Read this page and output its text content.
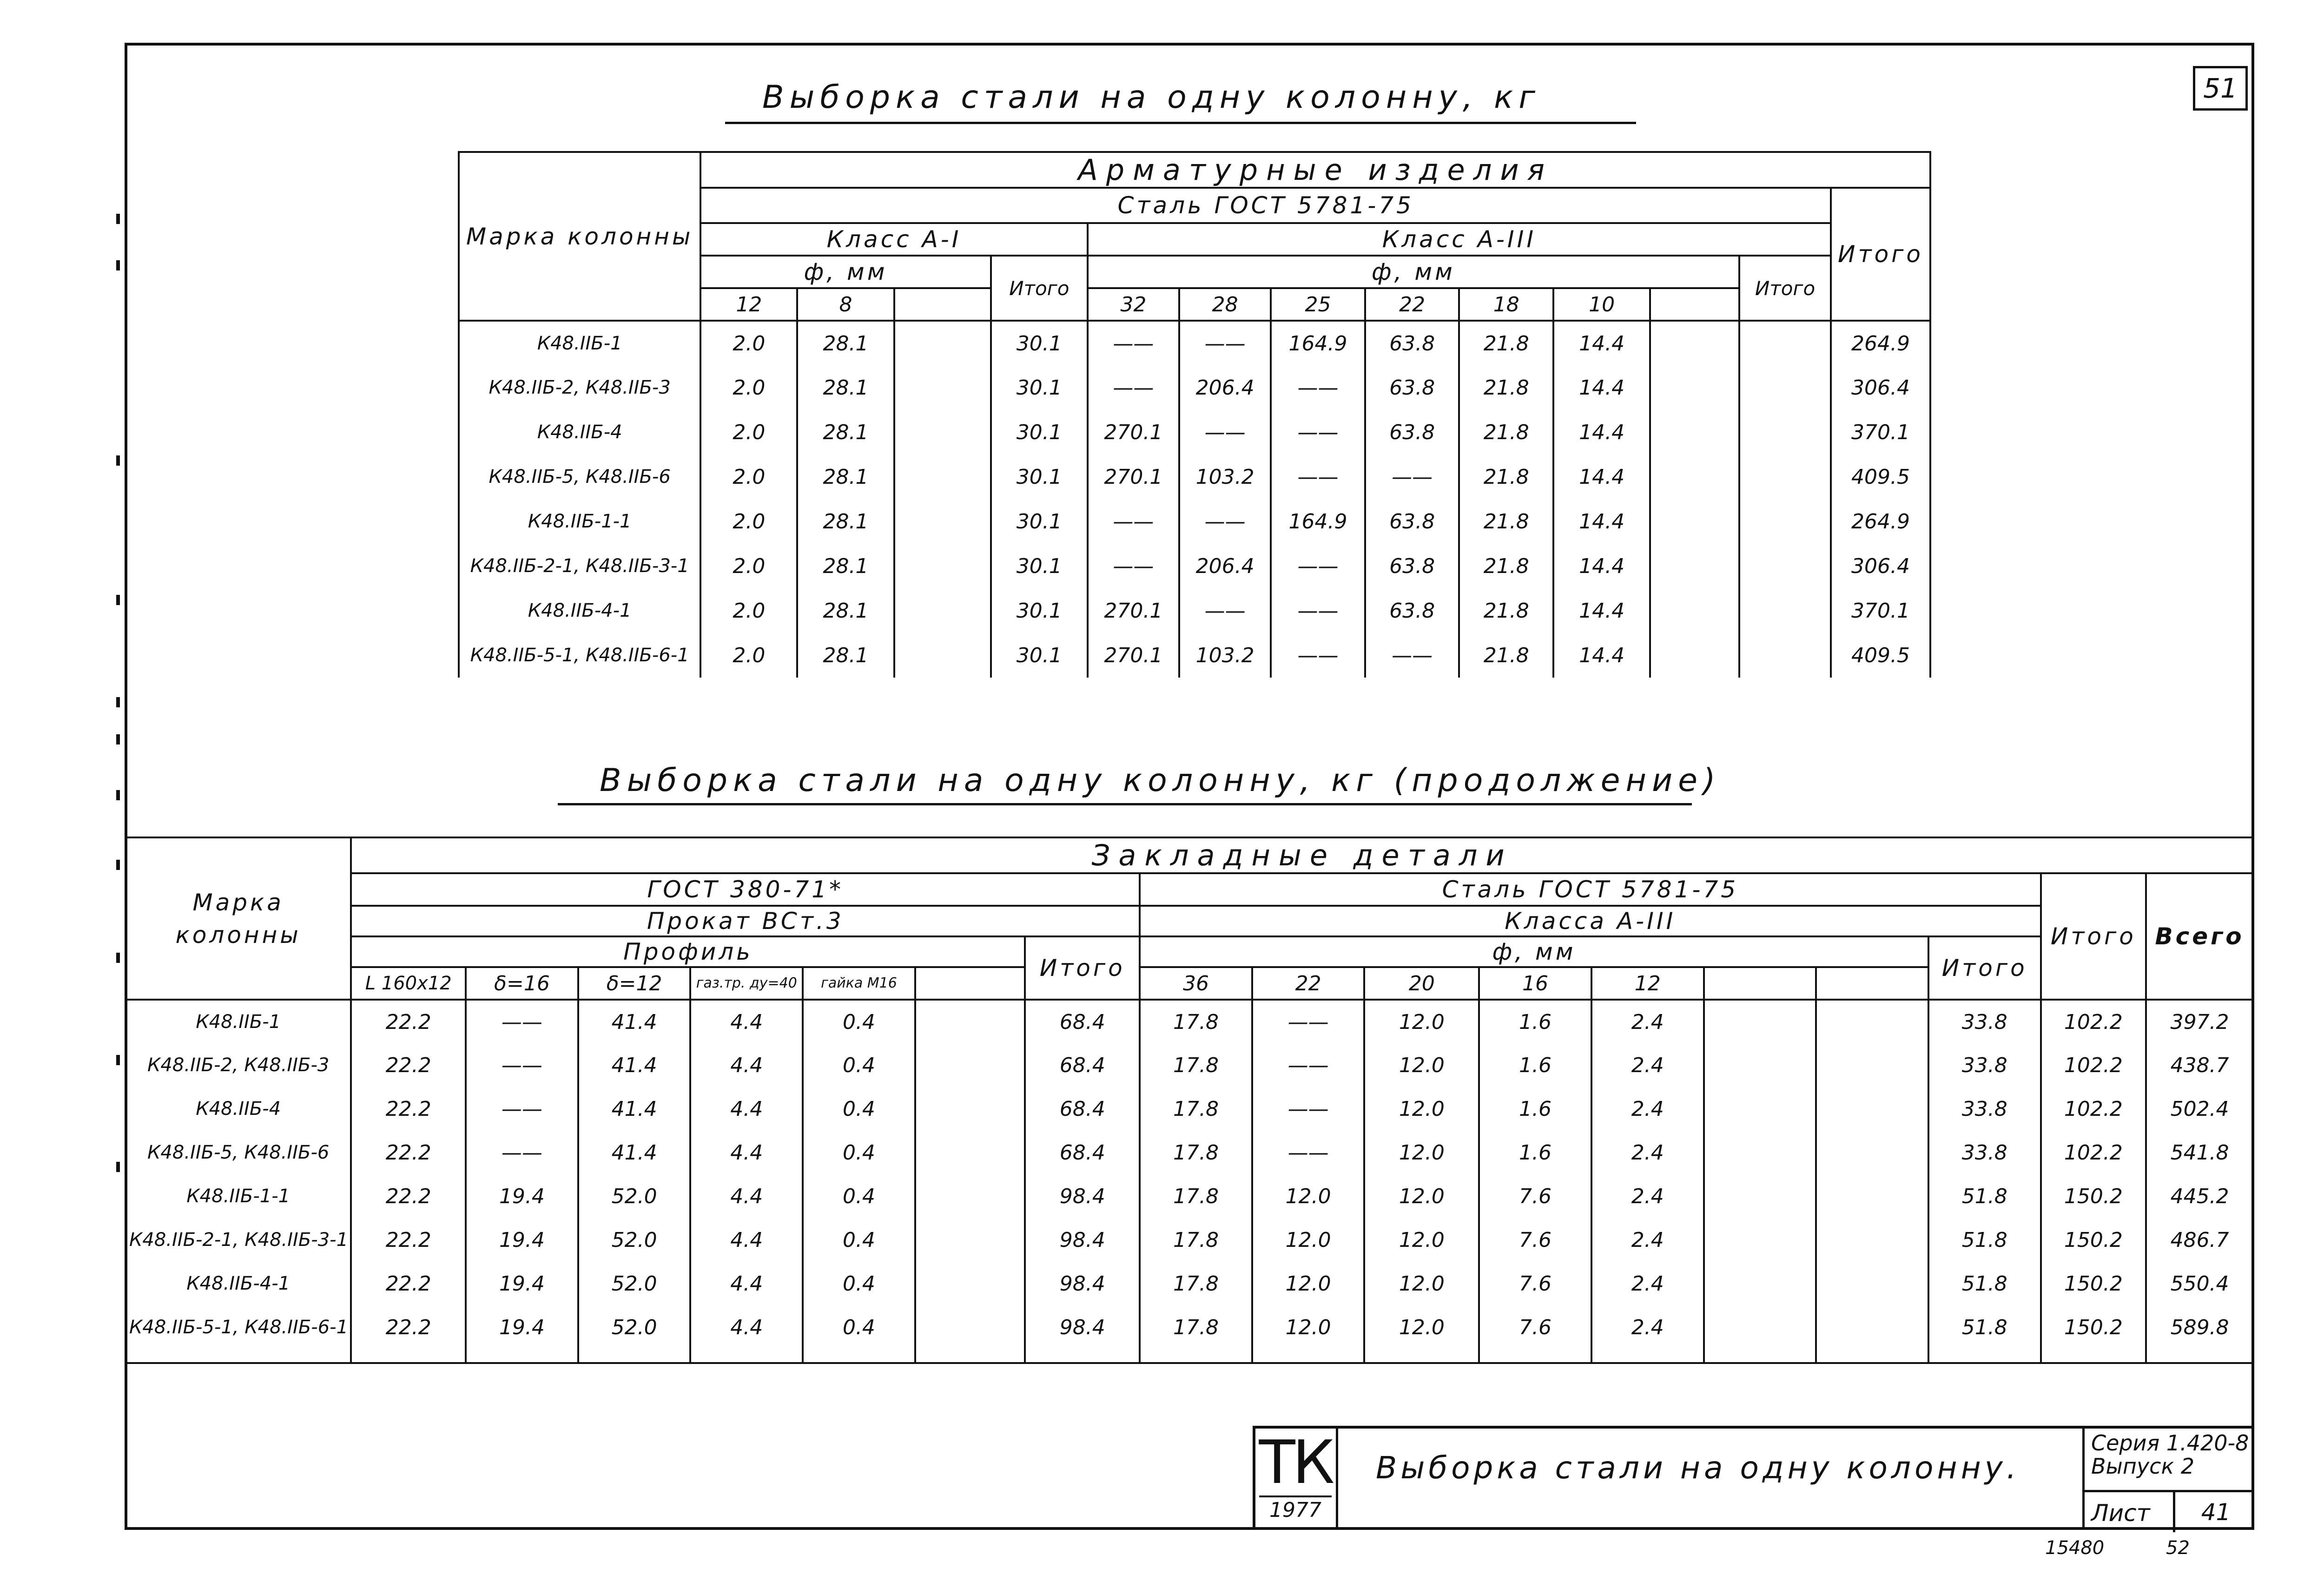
51
Выборка стали на одну колонну, кг
Марка колонны	Арматурные изделия													
	Сталь ГОСТ 5781-75												Итого	
	Класс А-I				Класс А-III									
	ф, мм			Итого	ф, мм							Итого		
	12	8			32	28	25	22	18	10				
К48.IIБ-1	2.0	28.1		30.1	——	——	164.9	63.8	21.8	14.4			264.9	
К48.IIБ-2, К48.IIБ-3	2.0	28.1		30.1	——	206.4	——	63.8	21.8	14.4			306.4	
К48.IIБ-4	2.0	28.1		30.1	270.1	——	——	63.8	21.8	14.4			370.1	
К48.IIБ-5, К48.IIБ-6	2.0	28.1		30.1	270.1	103.2	——	——	21.8	14.4			409.5	
К48.IIБ-1-1	2.0	28.1		30.1	——	——	164.9	63.8	21.8	14.4			264.9	
К48.IIБ-2-1, К48.IIБ-3-1	2.0	28.1		30.1	——	206.4	——	63.8	21.8	14.4			306.4	
К48.IIБ-4-1	2.0	28.1		30.1	270.1	——	——	63.8	21.8	14.4			370.1	
К48.IIБ-5-1, К48.IIБ-6-1	2.0	28.1		30.1	270.1	103.2	——	——	21.8	14.4			409.5	
Выборка стали на одну колонну, кг (продолжение)
Марка колонны	Закладные детали																
	ГОСТ 380-71*							Сталь ГОСТ 5781-75								Итого	Всего
	Прокат ВСт.3							Класса А-III									
	Профиль						Итого	ф, мм							Итого		
	L 160x12	δ=16	δ=12	газ.тр. ду=40	гайка М16			36	22	20	16	12					
К48.IIБ-1	22.2	——	41.4	4.4	0.4		68.4	17.8	——	12.0	1.6	2.4			33.8	102.2	397.2
К48.IIБ-2, К48.IIБ-3	22.2	——	41.4	4.4	0.4		68.4	17.8	——	12.0	1.6	2.4			33.8	102.2	438.7
К48.IIБ-4	22.2	——	41.4	4.4	0.4		68.4	17.8	——	12.0	1.6	2.4			33.8	102.2	502.4
К48.IIБ-5, К48.IIБ-6	22.2	——	41.4	4.4	0.4		68.4	17.8	——	12.0	1.6	2.4			33.8	102.2	541.8
К48.IIБ-1-1	22.2	19.4	52.0	4.4	0.4		98.4	17.8	12.0	12.0	7.6	2.4			51.8	150.2	445.2
К48.IIБ-2-1, К48.IIБ-3-1	22.2	19.4	52.0	4.4	0.4		98.4	17.8	12.0	12.0	7.6	2.4			51.8	150.2	486.7
К48.IIБ-4-1	22.2	19.4	52.0	4.4	0.4		98.4	17.8	12.0	12.0	7.6	2.4			51.8	150.2	550.4
К48.IIБ-5-1, К48.IIБ-6-1	22.2	19.4	52.0	4.4	0.4		98.4	17.8	12.0	12.0	7.6	2.4			51.8	150.2	589.8

ТК
1977
Выборка стали на одну колонну.
Серия 1.420-8
Выпуск 2
Лист	41
15480	52
